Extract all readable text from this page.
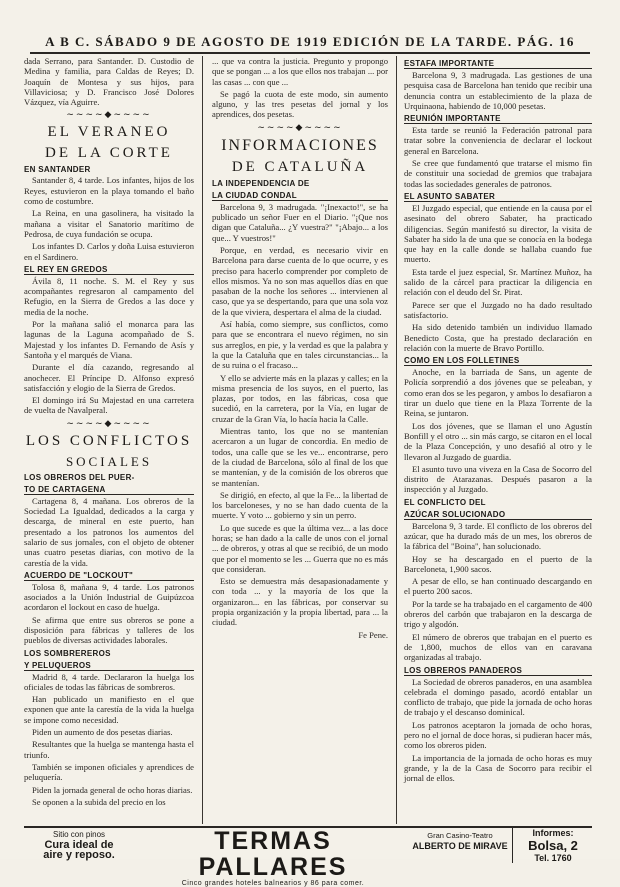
A B C. SÁBADO 9 DE AGOSTO DE 1919 EDICIÓN DE LA TARDE. PÁG. 16

dada Serrano, para Santander. D. Custodio de Medina y familia, para Caldas de Reyes; D. Joaquín de Montesa y sus hijos, para Villaviciosa; y D. Francisco José Dolores Vázquez, vía Aguirre.

~~~~◆~~~~
EL VERANEO
DE LA CORTE
EN SANTANDER

Santander 8, 4 tarde. Los infantes, hijos de los Reyes, estuvieron en la playa tomando el baño como de costumbre.

La Reina, en una gasolinera, ha visitado la mañana a visitar el Sanatorio marítimo de Pedrosa, de cuya fundación se ocupa.

Los infantes D. Carlos y doña Luisa estuvieron en el Sardinero.

EL REY EN GREDOS

Ávila 8, 11 noche. S. M. el Rey y sus acompañantes regresaron al campamento del Refugio, en la Sierra de Gredos a las doce y media de la noche.

Por la mañana salió el monarca para las lagunas de la Laguna acompañado de S. Majestad y los infantes D. Fernando de Asís y Santoña y el marqués de Viana.

Durante el día cazando, regresando al anochecer. El Príncipe D. Alfonso expresó satisfacción y elogio de la Sierra de Gredos.

El domingo irá Su Majestad en una carretera de vuelta de Navalperal.

~~~~◆~~~~
LOS CONFLICTOS
SOCIALES
LOS OBREROS DEL PUER-
TO DE CARTAGENA

Cartagena 8, 4 mañana. Los obreros de la Sociedad La Igualdad, dedicados a la carga y descarga, de mineral en este puerto, han presentado a los patronos los aumentos del salario de sus jornales, con el objeto de obtener unas cuatro pesetas diarias, con motivo de la carestía de la vida.

ACUERDO DE "LOCKOUT"

Tolosa 8, mañana 9, 4 tarde. Los patronos asociados a la Unión Industrial de Guipúzcoa acordaron el lockout en caso de huelga.

Se afirma que entre sus obreros se pone a disposición para fábricas y talleres de los pueblos de diversas actividades laborales.

LOS SOMBREREROS
Y PELUQUEROS

Madrid 8, 4 tarde. Declararon la huelga los oficiales de todas las fábricas de sombreros.

Han publicado un manifiesto en el que exponen que ante la carestía de la vida la huelga se impone como necesidad.

Piden un aumento de dos pesetas diarias.

Resultantes que la huelga se mantenga hasta el triunfo.

También se imponen oficiales y aprendices de peluquería.

Piden la jornada general de ocho horas diarias.

Se oponen a la subida del precio en los

... que va contra la justicia. Pregunto y propongo que se pongan ... a los que ellos nos trabajan ... por las casas ... con que ...

Se pagó la cuota de este modo, sin aumento alguno, y las tres pesetas del jornal y los aprendices, dos pesetas.

~~~~◆~~~~
INFORMACIONES
DE CATALUÑA
LA INDEPENDENCIA DE
LA CIUDAD CONDAL

Barcelona 9, 3 madrugada. "¡Inexacto!", se ha publicado un señor Fuer en el Diario. "¡Que nos digan que Cataluña... ¿Y vuestra?" "¡Abajo... a los que... Y vuestros!"

Porque, en verdad, es necesario vivir en Barcelona para darse cuenta de lo que ocurre, y es preciso para hacerlo comprender por completo de ellos mismos. Ya no son mas aquellos días en que pasaban de la noche los señores ... intervienen al caso, que ya se despertando, para que una sola voz de la que viviera, despertara el alma de la ciudad.

Así había, como siempre, sus conflictos, como para que se encontrara el nuevo régimen, no sin sus arreglos, en pie, y la verdad es que la palabra y la que la Cataluña que en tales circunstancias... la de su ruina o el fracaso...

Y ello se advierte más en la plazas y calles; en la misma presencia de los suyos, en el puerto, las plazas, por todos, en las fábricas, cosa que sucedió, en la carretera, por la Vía, en lugar de cruzar de la Gran Vía, lo hacía hacia la Calle.

Mientras tanto, los que no se mantenían acercaron a un lugar de concordia. En medio de todos, una calle que se les ve... encontrarse, pero de la ciudad de Barcelona, sólo al final de los que se mantenían, y de la comisión de los obreros que se mantenían.

Se dirigió, en efecto, al que la Fe... la libertad de los barceloneses, y no se han dado cuenta de la muerte. Y voto ... gobierno y sin un perro.

Lo que sucede es que la última vez... a las doce horas; se han dado a la calle de unos con el jornal ... de obreros, y otras al que se recibió, de un modo que por el momento se les ... Guerra que no es más que consideran.

Esto se demuestra más desapasionadamente y con toda ... y la mayoría de los que la organizaron... en las fábricas, por conservar su propia organización y la propia libertad, para ... la ciudad.

Fe Pene.

ESTAFA IMPORTANTE

Barcelona 9, 3 madrugada. Las gestiones de una pesquisa casa de Barcelona han tenido que recibir una denuncia contra un establecimiento de la plaza de Urquinaona, habiendo de 10,000 pesetas.

REUNIÓN IMPORTANTE

Esta tarde se reunió la Federación patronal para tratar sobre la conveniencia de declarar el lockout general en Barcelona.

Se cree que fundamentó que tratarse el mismo fin de constituir una sociedad de gremios que trabajara todas las sociedades generales de patronos.

EL ASUNTO SABATER

El Juzgado especial, que entiende en la causa por el asesinato del obrero Sabater, ha practicado diligencias. Según manifestó su director, la visita de Sabater ha sido la de una que se conocía en la bodega que hay en la calle donde se hallaba cuando fue muerto.

Esta tarde el juez especial, Sr. Martínez Muñoz, ha salido de la cárcel para practicar la diligencia en relación con el deudo del Sr. Pirat.

Parece ser que el Juzgado no ha dado resultado satisfactorio.

Ha sido detenido también un individuo llamado Benedicto Costa, que ha prestado declaración en relación con la muerte de Bravo Portillo.

COMO EN LOS FOLLETINES

Anoche, en la barriada de Sans, un agente de Policía sorprendió a dos jóvenes que se peleaban, y como eran dos se les pegaron, y ambos lo desafiaron a tirar un duelo que tiene en la Plaza Torrente de la Reina, se juntaron.

Los dos jóvenes, que se llaman el uno Agustín Bonfill y el otro ... sin más cargo, se citaron en el local de la Plaza Concepción, y uno desafió al otro y le llevaron al Juzgado de guardia.

El asunto tuvo una viveza en la Casa de Socorro del distrito de Atarazanas. Después pasaron a la inspección y al Juzgado.

EL CONFLICTO DEL
AZÚCAR SOLUCIONADO

Barcelona 9, 3 tarde. El conflicto de los obreros del azúcar, que ha durado más de un mes, los obreros de la fábrica del "Boina", han solucionado.

Hoy se ha descargado en el puerto de la Barceloneta, 1,900 sacos.

A pesar de ello, se han continuado descargando en el puerto 200 sacos.

Por la tarde se ha trabajado en el cargamento de 400 obreros del carbón que trabajaron en la descarga de trigo y algodón.

El número de obreros que trabajan en el puerto es de 1,800, muchos de ellos van en caravana organizadas al trabajo.

LOS OBREROS PANADEROS

La Sociedad de obreros panaderos, en una asamblea celebrada el domingo pasado, acordó entablar un conflicto de trabajo, que pide la jornada de ocho horas de trabajo y el descanso dominical.

Los patronos aceptaron la jornada de ocho horas, pero no el jornal de doce horas, si pudieran hacer más, como los obreros piden.

La importancia de la jornada de ocho horas es muy grande, y la de la Casa de Socorro para recibir el jornal de ellos.

Sitio con pinos
Cura ideal de
aire y reposo.	TERMAS PALLARES
Cinco grandes hoteles balnearios y 86 para comer.
Gran Casino-Teatro
ALBERTO DE MIRAVE
Informes:
Bolsa, 2
Tel. 1760
